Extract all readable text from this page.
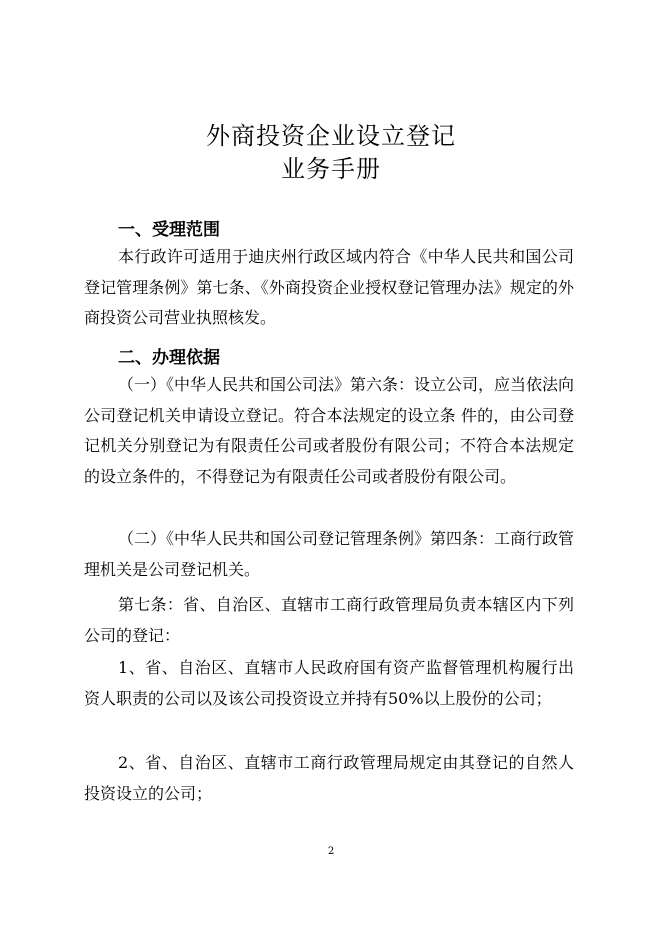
外商投资企业设立登记
业务手册
一、受理范围
本行政许可适用于迪庆州行政区域内符合《中华人民共和国公司登记管理条例》第七条、《外商投资企业授权登记管理办法》规定的外商投资公司营业执照核发。
二、办理依据
（一）《中华人民共和国公司法》第六条：设立公司，应当依法向公司登记机关申请设立登记。符合本法规定的设立条 件的，由公司登记机关分别登记为有限责任公司或者股份有限公司；不符合本法规定的设立条件的，不得登记为有限责任公司或者股份有限公司。
（二）《中华人民共和国公司登记管理条例》第四条：工商行政管理机关是公司登记机关。
第七条：省、自治区、直辖市工商行政管理局负责本辖区内下列公司的登记：
1、省、自治区、直辖市人民政府国有资产监督管理机构履行出资人职责的公司以及该公司投资设立并持有50%以上股份的公司；
2、省、自治区、直辖市工商行政管理局规定由其登记的自然人投资设立的公司；
2
